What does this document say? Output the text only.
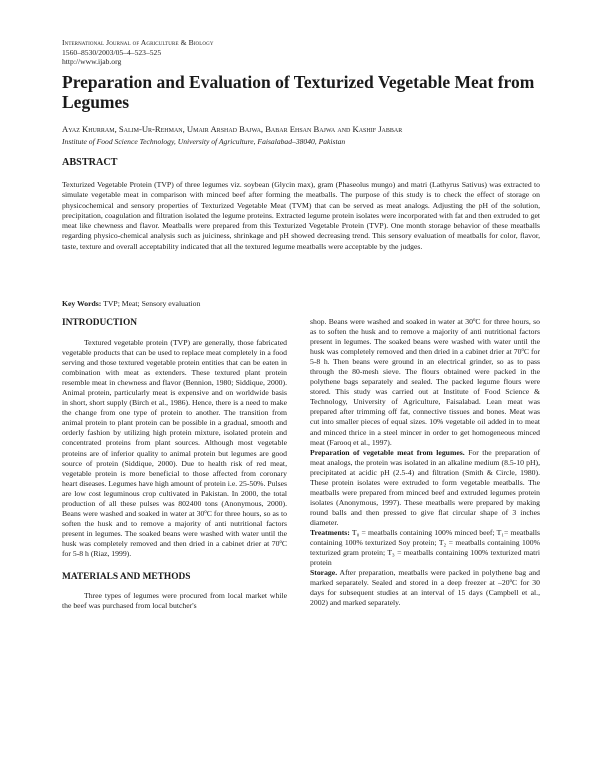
International Journal of Agriculture & Biology
1560–8530/2003/05–4–523–525
http://www.ijab.org
Preparation and Evaluation of Texturized Vegetable Meat from Legumes
Ayaz Khurram, Salim-Ur-Rehman, Umair Arshad Bajwa, Babar Ehsan Bajwa and Kashif Jabbar
Institute of Food Science Technology, University of Agriculture, Faisalabad–38040, Pakistan
ABSTRACT

Texturized Vegetable Protein (TVP) of three legumes viz. soybean (Glycin max), gram (Phaseolus mungo) and matri (Lathyrus Sativus) was extracted to simulate vegetable meat in comparison with minced beef after forming the meatballs. The purpose of this study is to check the effect of storage on physicochemical and sensory properties of Texturized Vegetable Meat (TVM) that can be served as meat analogs. Adjusting the pH of the solution, precipitation, coagulation and filtration isolated the legume proteins. Extracted legume protein isolates were incorporated with fat and then extruded to get meat like chewness and flavor. Meatballs were prepared from this Texturized Vegetable Protein (TVP). One month storage behavior of these meatballs regarding physico-chemical analysis such as juiciness, shrinkage and pH showed decreasing trend. This sensory evaluation of meatballs for color, flavor, taste, texture and overall acceptability indicated that all the textured legume meatballs were acceptable by the judges.

Key Words: TVP; Meat; Sensory evaluation

INTRODUCTION

Textured vegetable protein (TVP) are generally, those fabricated vegetable products that can be used to replace meat completely in a food serving and those textured vegetable protein entities that can be eaten in combination with meat as extenders. These textured plant protein resemble meat in chewness and flavor (Bennion, 1980; Siddique, 2000). Animal protein, particularly meat is expensive and on worldwide basis in short, short supply (Birch et al., 1986). Hence, there is a need to make the change from one type of protein to another. The transition from animal protein to plant protein can be possible in a gradual, smooth and orderly fashion by utilizing high protein mixture, isolated protein and concentrated proteins from plant sources. Although most vegetable proteins are of inferior quality to animal protein but legumes are good source of protein (Siddique, 2000). Due to health risk of red meat, vegetable protein is more beneficial to those affected from coronary heart diseases. Legumes have high amount of protein i.e. 25-50%. Pulses are low cost leguminous crop cultivated in Pakistan. In 2000, the total production of all these pulses was 802400 tons (Anonymous, 2000). Beans were washed and soaked in water at 30ºC for three hours, so as to soften the husk and to remove a majority of anti nutritional factors present in legumes. The soaked beans were washed with water until the husk was completely removed and then dried in a cabinet drier at 70ºC for 5-8 h (Riaz, 1999).

MATERIALS AND METHODS

Three types of legumes were procured from local market while the beef was purchased from local butcher's

shop. Beans were washed and soaked in water at 30ºC for three hours, so as to soften the husk and to remove a majority of anti nutritional factors present in legumes. The soaked beans were washed with water until the husk was completely removed and then dried in a cabinet drier at 70ºC for 5-8 h. Then beans were ground in an electrical grinder, so as to pass through the 80-mesh sieve. The flours obtained were packed in the polythene bags separately and sealed. The packed legume flours were stored. This study was carried out at Institute of Food Science & Technology, University of Agriculture, Faisalabad. Lean meat was prepared after trimming off fat, connective tissues and bones. Meat was cut into smaller pieces of equal sizes. 10% vegetable oil added in to meat and minced thrice in a steel mincer in order to get homogeneous minced meat (Farooq et al., 1997).

Preparation of vegetable meat from legumes. For the preparation of meat analogs, the protein was isolated in an alkaline medium (8.5-10 pH), precipitated at acidic pH (2.5-4) and filtration (Smith & Circle, 1980). These protein isolates were extruded to form vegetable meatballs. The meatballs were prepared from minced beef and extruded legumes protein isolates (Anonymous, 1997). These meatballs were prepared by making round balls and then pressed to give flat circular shape of 3 inches diameter.

Treatments: T₀ = meatballs containing 100% minced beef; T₁= meatballs containing 100% texturized Soy protein; T₂ = meatballs containing 100% texturized gram protein; T₃ = meatballs containing 100% texturized matri protein

Storage. After preparation, meatballs were packed in polythene bag and marked separately. Sealed and stored in a deep freezer at –20ºC for 30 days for subsequent studies at an interval of 15 days (Campbell et al., 2002) and marked separately.
